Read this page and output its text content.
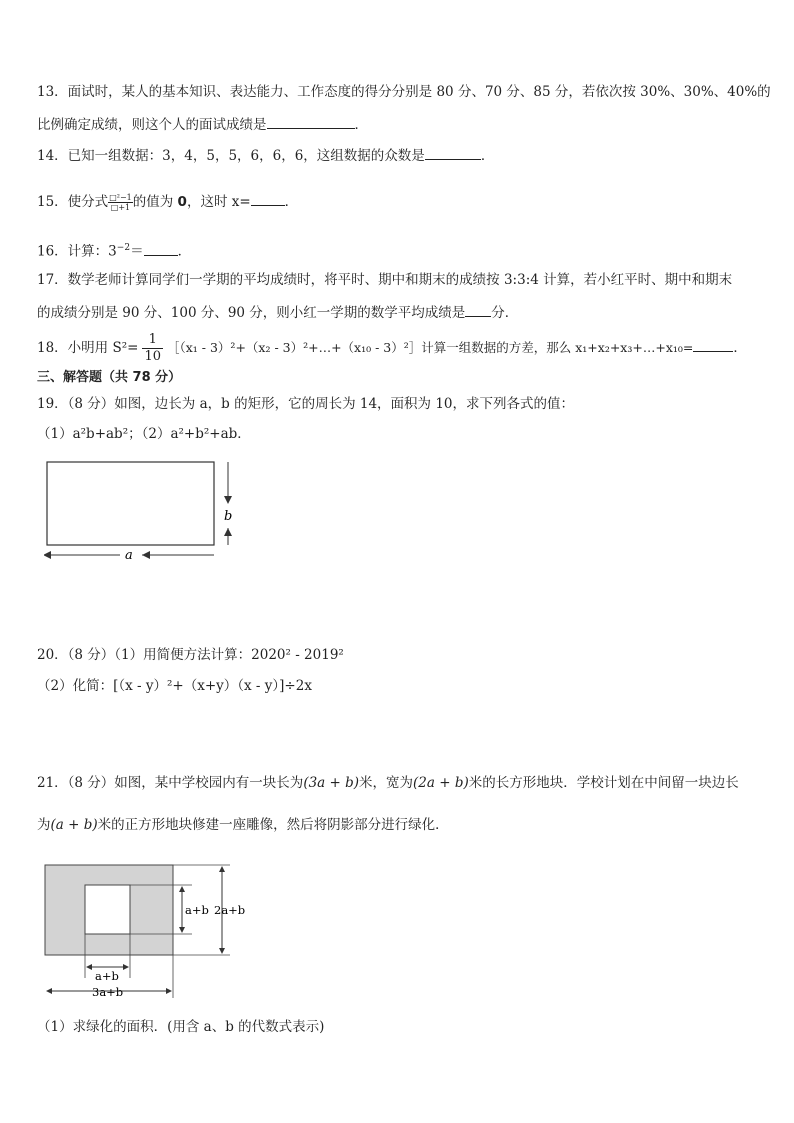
13．面试时，某人的基本知识、表达能力、工作态度的得分分别是 80 分、70 分、85 分，若依次按 30%、30%、40%的
比例确定成绩，则这个人的面试成绩是	．
14．已知一组数据：3，4，5，5，6，6，6，这组数据的众数是	．
15．使分式 $\frac{\text{□²−1}}{□+1}$ 的值为 0，这时 x=	．
16．计算：$3^{-2}=$	．
17．数学老师计算同学们一学期的平均成绩时，将平时、期中和期末的成绩按 3:3:4 计算，若小红平时、期中和期末
的成绩分别是 90 分、100 分、90 分，则小红一学期的数学平均成绩是 分．
18．小明用 $S^2= \frac{1}{10}$ ［（x₁ - 3）²+（x₂ - 3）²+…+（x₁₀ - 3）²］计算一组数据的方差，那么 x₁+x₂+x₃+…+x₁₀=	．
三、解答题（共 78 分）
19．（8 分）如图，边长为 a，b 的矩形，它的周长为 14，面积为 10，求下列各式的值：
（1）a²b+ab²；（2）a²+b²+ab．
b
a
20．（8 分）（1）用简便方法计算：2020² - 2019²
（2）化简：[（x - y）²+（x+y）（x - y）]÷2x
21．（8 分）如图，某中学校园内有一块长为(3a + b)米，宽为(2a + b)米的长方形地块．学校计划在中间留一块边长
为(a + b)米的正方形地块修建一座雕像，然后将阴影部分进行绿化．
a+b 2a+b
a+b
3a+b
（1）求绿化的面积．(用含 a、b 的代数式表示)
